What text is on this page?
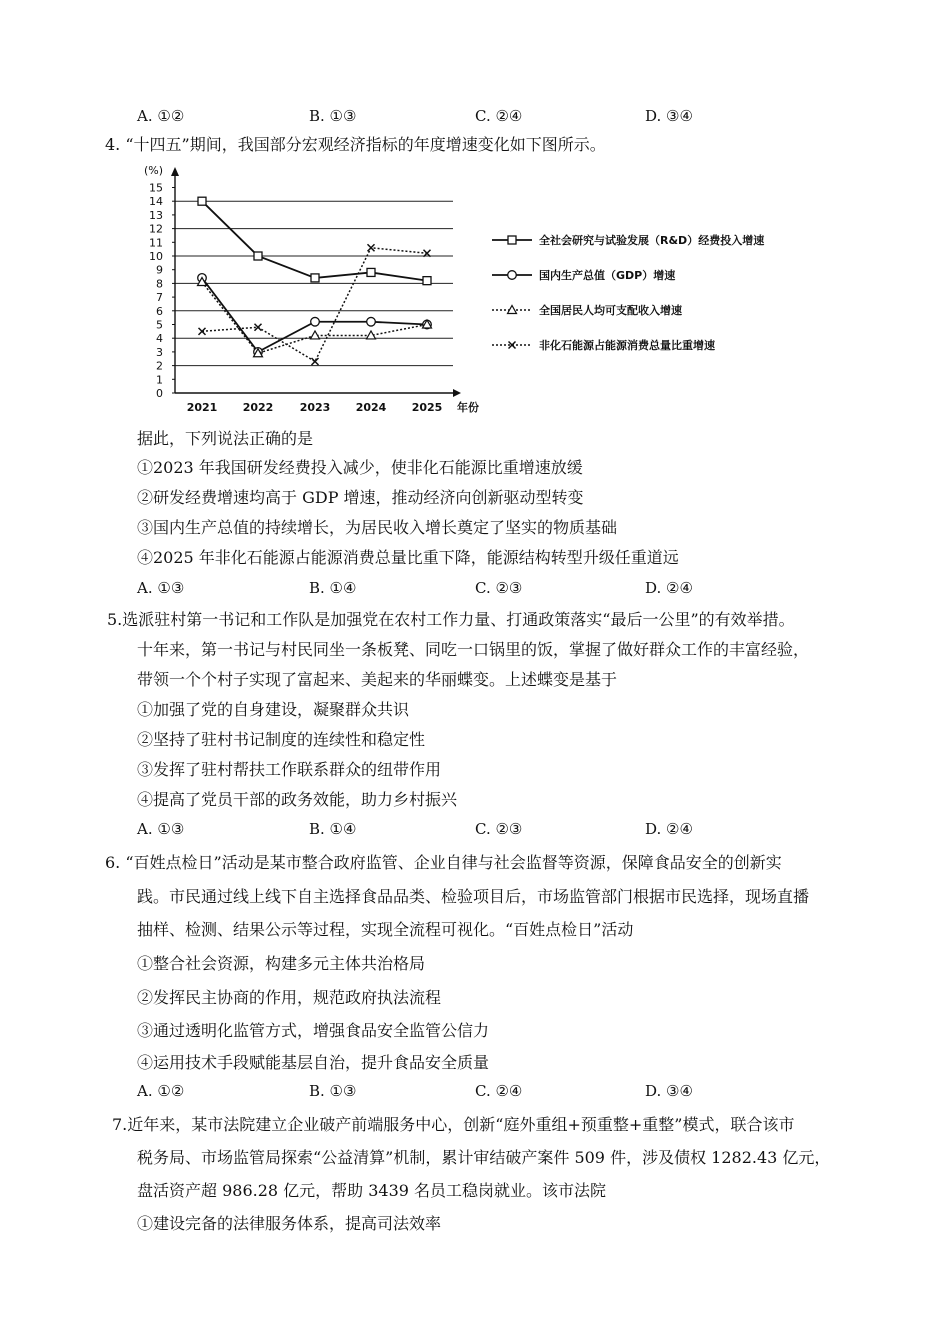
A. ①②	B. ①③	C. ②④	D. ③④
4. “十四五”期间，我国部分宏观经济指标的年度增速变化如下图所示。
(%)
0
1
2
3
4
5
6
7
8
9
10
11
12
13
14
15
2021 2022 2023 2024 2025 年份
全社会研究与试验发展（R&D）经费投入增速
国内生产总值（GDP）增速
全国居民人均可支配收入增速
非化石能源占能源消费总量比重增速
据此，下列说法正确的是
①2023 年我国研发经费投入减少，使非化石能源比重增速放缓
②研发经费增速均高于 GDP 增速，推动经济向创新驱动型转变
③国内生产总值的持续增长，为居民收入增长奠定了坚实的物质基础
④2025 年非化石能源占能源消费总量比重下降，能源结构转型升级任重道远
A. ①③	B. ①④	C. ②③	D. ②④
5.选派驻村第一书记和工作队是加强党在农村工作力量、打通政策落实“最后一公里”的有效举措。
十年来，第一书记与村民同坐一条板凳、同吃一口锅里的饭，掌握了做好群众工作的丰富经验，
带领一个个村子实现了富起来、美起来的华丽蝶变。上述蝶变是基于
①加强了党的自身建设，凝聚群众共识
②坚持了驻村书记制度的连续性和稳定性
③发挥了驻村帮扶工作联系群众的纽带作用
④提高了党员干部的政务效能，助力乡村振兴
A. ①③	B. ①④	C. ②③	D. ②④
6. “百姓点检日”活动是某市整合政府监管、企业自律与社会监督等资源，保障食品安全的创新实
践。市民通过线上线下自主选择食品品类、检验项目后，市场监管部门根据市民选择，现场直播
抽样、检测、结果公示等过程，实现全流程可视化。“百姓点检日”活动
①整合社会资源，构建多元主体共治格局
②发挥民主协商的作用，规范政府执法流程
③通过透明化监管方式，增强食品安全监管公信力
④运用技术手段赋能基层自治，提升食品安全质量
A. ①②	B. ①③	C. ②④	D. ③④
7.近年来，某市法院建立企业破产前端服务中心，创新“庭外重组+预重整+重整”模式，联合该市
税务局、市场监管局探索“公益清算”机制，累计审结破产案件 509 件，涉及债权 1282.43 亿元，
盘活资产超 986.28 亿元，帮助 3439 名员工稳岗就业。该市法院
①建设完备的法律服务体系，提高司法效率
